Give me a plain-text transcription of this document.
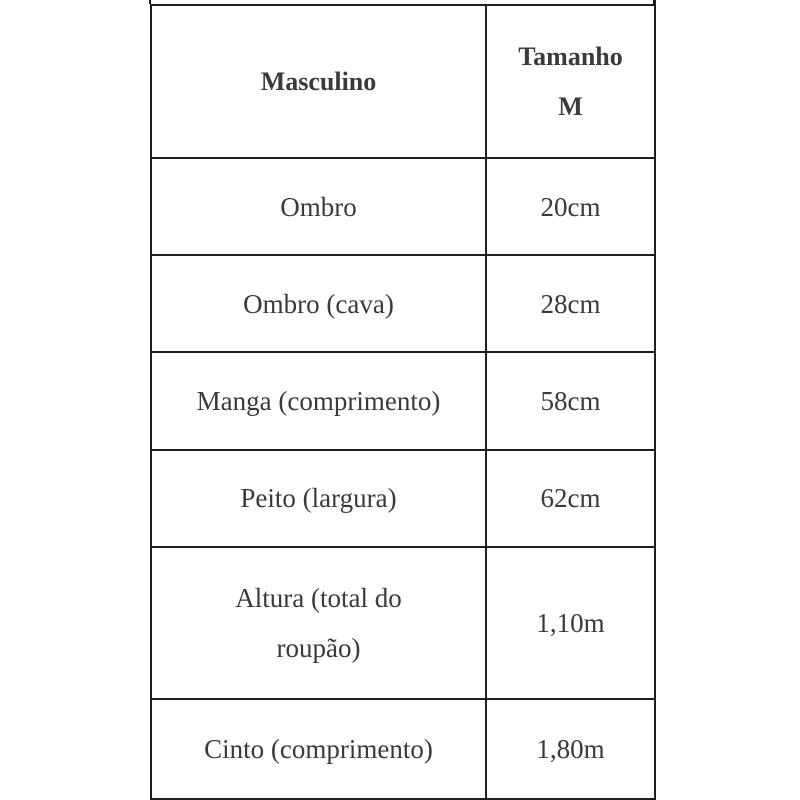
Masculino	Tamanho
M
Ombro	20cm
Ombro (cava)	28cm
Manga (comprimento)	58cm
Peito (largura)	62cm
Altura (total do
roupão)	1,10m
Cinto (comprimento)	1,80m
